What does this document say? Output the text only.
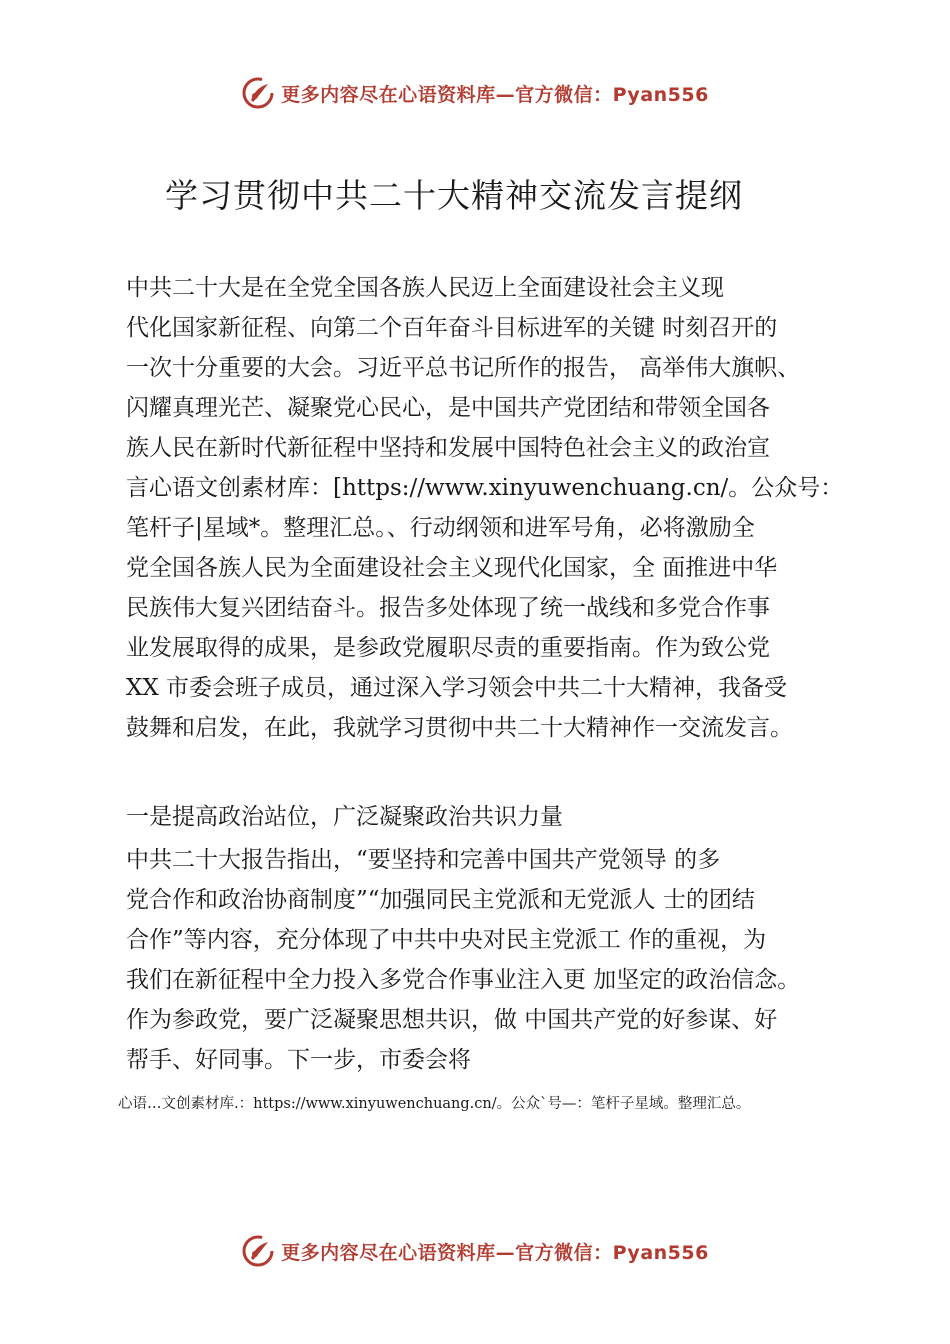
更多内容尽在心语资料库—官方微信：Pyan556
学习贯彻中共二十大精神交流发言提纲
中共二十大是在全党全国各族人民迈上全面建设社会主义现
代化国家新征程、向第二个百年奋斗目标进军的关键 时刻召开的
一次十分重要的大会。习近平总书记所作的报告， 高举伟大旗帜、
闪耀真理光芒、凝聚党心民心，是中国共产党团结和带领全国各
族人民在新时代新征程中坚持和发展中国特色社会主义的政治宣
言心语文创素材库：[https://www.xinyuwenchuang.cn/。公众号：
笔杆子|星域*。整理汇总。、行动纲领和进军号角，必将激励全
党全国各族人民为全面建设社会主义现代化国家，全 面推进中华
民族伟大复兴团结奋斗。报告多处体现了统一战线和多党合作事
业发展取得的成果，是参政党履职尽责的重要指南。作为致公党
XX 市委会班子成员，通过深入学习领会中共二十大精神，我备受
鼓舞和启发，在此，我就学习贯彻中共二十大精神作一交流发言。
一是提高政治站位，广泛凝聚政治共识力量
中共二十大报告指出，“要坚持和完善中国共产党领导 的多
党合作和政治协商制度”“加强同民主党派和无党派人 士的团结
合作”等内容，充分体现了中共中央对民主党派工 作的重视，为
我们在新征程中全力投入多党合作事业注入更 加坚定的政治信念。
作为参政党，要广泛凝聚思想共识，做 中国共产党的好参谋、好
帮手、好同事。下一步，市委会将
心语…文创素材库.：https://www.xinyuwenchuang.cn/。公众`号—：笔杆子星域。整理汇总。
更多内容尽在心语资料库—官方微信：Pyan556
